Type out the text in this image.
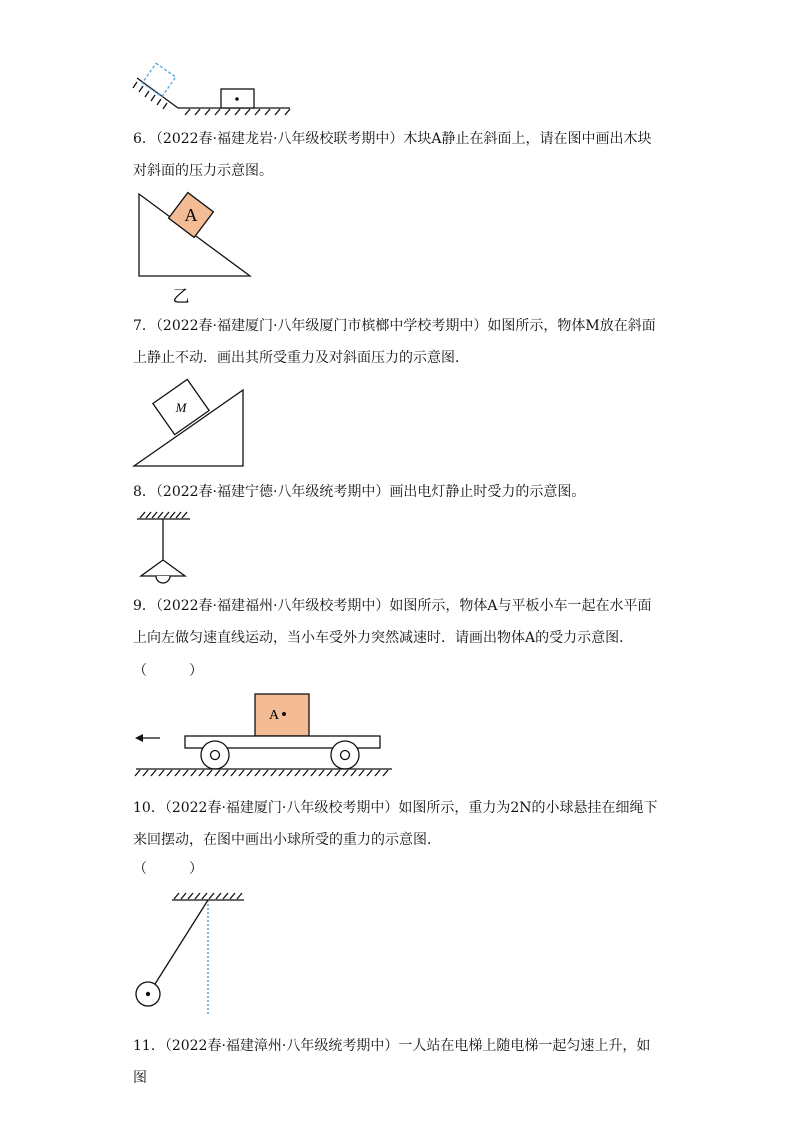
6．（2022春·福建龙岩·八年级校联考期中）木块A静止在斜面上，请在图中画出木块对斜面的压力示意图。
A
乙
7．（2022春·福建厦门·八年级厦门市槟榔中学校考期中）如图所示，物体M放在斜面上静止不动．画出其所受重力及对斜面压力的示意图．
M
8．（2022春·福建宁德·八年级统考期中）画出电灯静止时受力的示意图。
9．（2022春·福建福州·八年级校考期中）如图所示，物体A与平板小车一起在水平面上向左做匀速直线运动，当小车受外力突然减速时．请画出物体A的受力示意图．
（　　　）
A
10．（2022春·福建厦门·八年级校考期中）如图所示，重力为2N的小球悬挂在细绳下来回摆动，在图中画出小球所受的重力的示意图．
（　　　）
11．（2022春·福建漳州·八年级统考期中）一人站在电梯上随电梯一起匀速上升，如图
